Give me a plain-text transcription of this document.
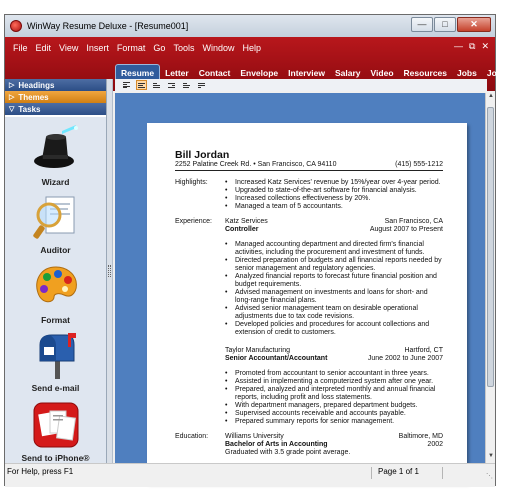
WinWay Resume Deluxe - [Resume001]	—	□	✕
File Edit View Insert Format Go Tools Window Help	— ⧉ ✕
Resume	Letter	Contact	Envelope	Interview	Salary	Video	Resources	Jobs	Job App
▷ Headings
▷ Themes
▽ Tasks
Wizard
Auditor
Format
Send e-mail
Send to iPhone®
Bill Jordan
2252 Palatine Creek Rd. • San Francisco, CA 94110	(415) 555-1212
Highlights:
•	Increased Katz Services' revenue by 15%/year over 4-year period.
• Upgraded to state-of-the-art software for financial analysis.
• Increased collections effectiveness by 20%.
• Managed a team of 5 accountants.
Experience: Katz Services	San Francisco, CA
Controller	August 2007 to Present
• Managed accounting department and directed firm's financial
activities, including the procurement and investment of funds.
• Directed preparation of budgets and all financial reports needed by
senior management and regulatory agencies.
• Analyzed financial reports to forecast future financial position and
budget requirements.
• Advised management on investments and loans for short- and
long-range financial plans.
• Advised senior management team on desirable operational
adjustments due to tax code revisions.
• Developed policies and procedures for account collections and
extension of credit to customers.
Taylor Manufacturing	Hartford, CT
Senior Accountant/Accountant	June 2002 to June 2007
• Promoted from accountant to senior accountant in three years.
• Assisted in implementing a computerized system after one year.
• Prepared, analyzed and interpreted monthly and annual financial
reports, including profit and loss statements.
• With department managers, prepared department budgets.
• Supervised accounts receivable and accounts payable.
• Prepared summary reports for senior management.
Education: Williams University	Baltimore, MD
Bachelor of Arts in Accounting	2002
Graduated with 3.5 grade point average.
▲
▼
For Help, press F1	Page 1 of 1
⋱
